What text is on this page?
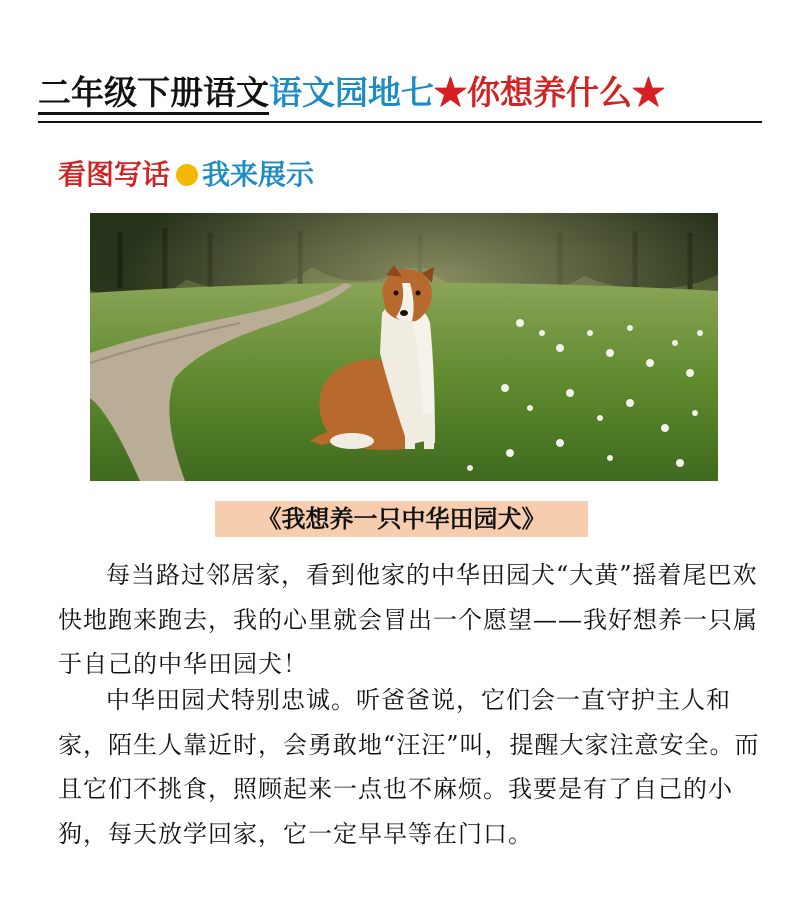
二年级下册语文语文园地七★你想养什么★
看图写话 我来展示
《我想养一只中华田园犬》

每当路过邻居家，看到他家的中华田园犬“大黄”摇着尾巴欢快地跑来跑去，我的心里就会冒出一个愿望——我好想养一只属于自己的中华田园犬！

中华田园犬特别忠诚。听爸爸说，它们会一直守护主人和家，陌生人靠近时，会勇敢地“汪汪”叫，提醒大家注意安全。而且它们不挑食，照顾起来一点也不麻烦。我要是有了自己的小狗，每天放学回家，它一定早早等在门口。
